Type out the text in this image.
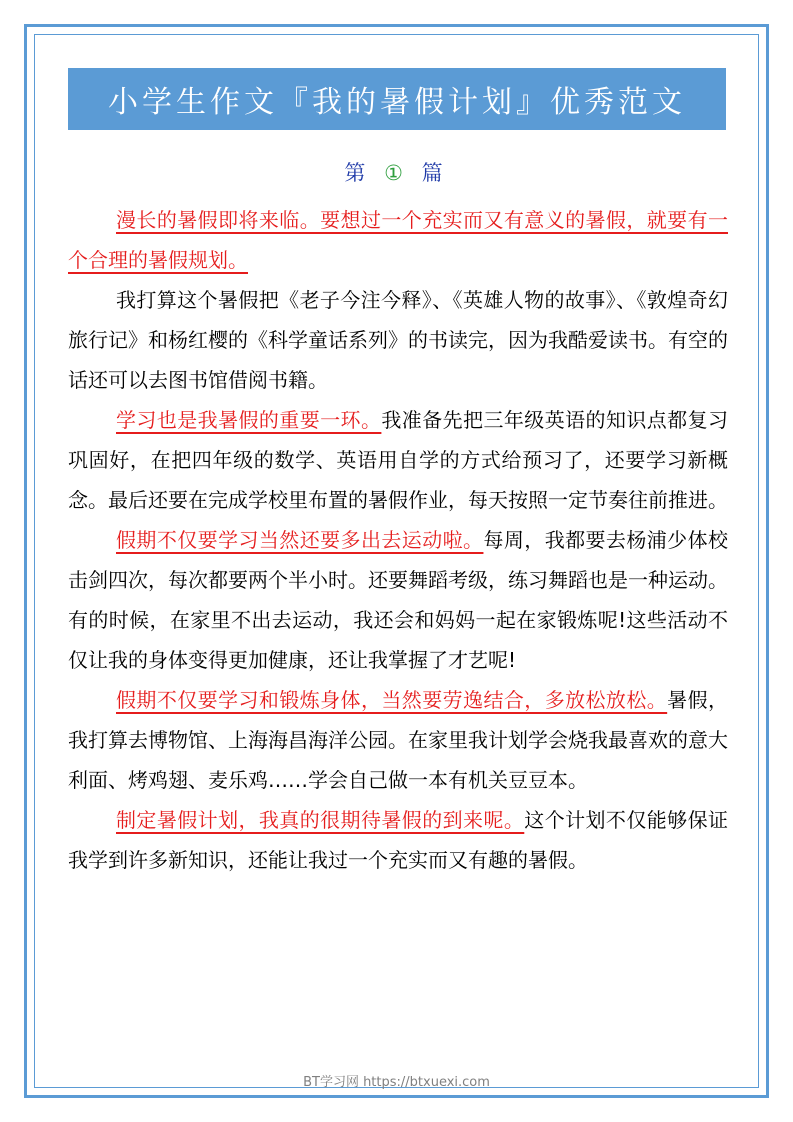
小学生作文『我的暑假计划』优秀范文
第 ① 篇

漫长的暑假即将来临。要想过一个充实而又有意义的暑假，就要有一个合理的暑假规划。

我打算这个暑假把《老子今注今释》、《英雄人物的故事》、《敦煌奇幻旅行记》和杨红樱的《科学童话系列》的书读完，因为我酷爱读书。有空的话还可以去图书馆借阅书籍。

学习也是我暑假的重要一环。我准备先把三年级英语的知识点都复习巩固好，在把四年级的数学、英语用自学的方式给预习了，还要学习新概念。最后还要在完成学校里布置的暑假作业，每天按照一定节奏往前推进。

假期不仅要学习当然还要多出去运动啦。每周，我都要去杨浦少体校击剑四次，每次都要两个半小时。还要舞蹈考级，练习舞蹈也是一种运动。有的时候，在家里不出去运动，我还会和妈妈一起在家锻炼呢!这些活动不仅让我的身体变得更加健康，还让我掌握了才艺呢!

假期不仅要学习和锻炼身体，当然要劳逸结合，多放松放松。暑假，我打算去博物馆、上海海昌海洋公园。在家里我计划学会烧我最喜欢的意大利面、烤鸡翅、麦乐鸡……学会自己做一本有机关豆豆本。

制定暑假计划，我真的很期待暑假的到来呢。这个计划不仅能够保证我学到许多新知识，还能让我过一个充实而又有趣的暑假。

BT学习网 https://btxuexi.com
